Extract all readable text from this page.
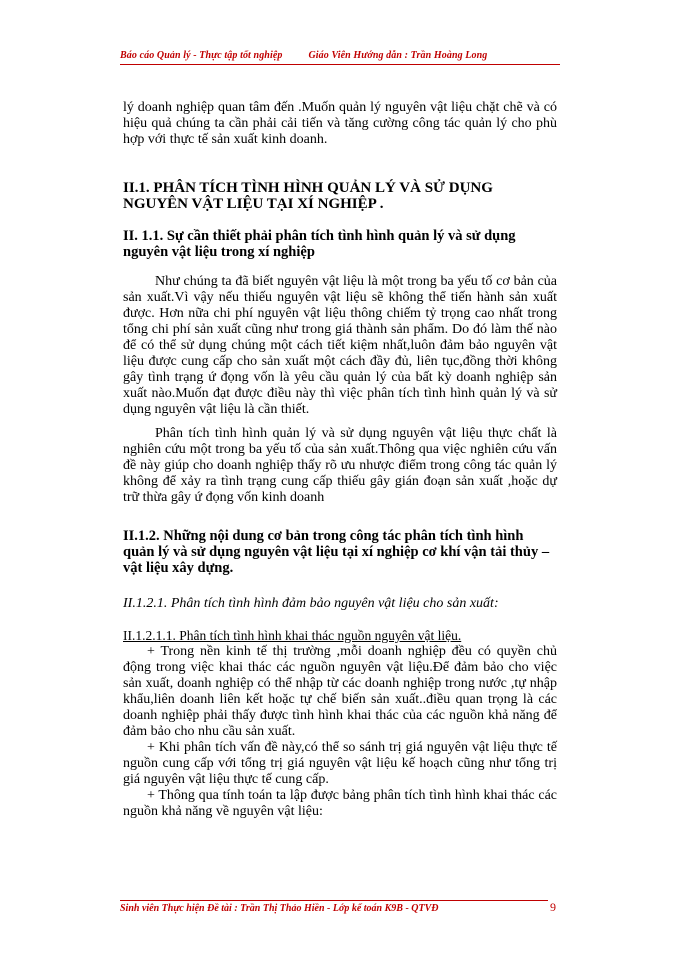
Báo cáo Quản lý - Thực tập tốt nghiệp	Giáo Viên Hướng dẫn : Trần Hoàng Long

lý doanh nghiệp quan tâm đến .Muốn quản lý nguyên vật liệu chặt chẽ và có hiệu quả chúng ta cần phải cải tiến và tăng cường công tác quản lý cho phù hợp với thực tế sản xuất kinh doanh.

II.1. PHÂN TÍCH TÌNH HÌNH QUẢN LÝ VÀ SỬ DỤNG NGUYÊN VẬT LIỆU TẠI XÍ NGHIỆP .
II. 1.1. Sự cần thiết phải phân tích tình hình quản lý và sử dụng nguyên vật liệu trong xí nghiệp

Như chúng ta đã biết nguyên vật liệu là một trong ba yếu tố cơ bản của sản xuất.Vì vậy nếu thiếu nguyên vật liệu sẽ không thể tiến hành sản xuất được. Hơn nữa chi phí nguyên vật liệu thông chiếm tỷ trọng cao nhất trong tổng chi phí sản xuất cũng như trong giá thành sản phẩm. Do đó làm thế nào để có thể sử dụng chúng một cách tiết kiệm nhất,luôn đảm bảo nguyên vật liệu được cung cấp cho sản xuất một cách đầy đủ, liên tục,đồng thời không gây tình trạng ứ đọng vốn là yêu cầu quản lý của bất kỳ doanh nghiệp sản xuất nào.Muốn đạt được điều này thì việc phân tích tình hình quản lý và sử dụng nguyên vật liệu là cần thiết.

Phân tích tình hình quản lý và sử dụng nguyên vật liệu thực chất là nghiên cứu một trong ba yếu tố của sản xuất.Thông qua việc nghiên cứu vấn đề này giúp cho doanh nghiệp thấy rõ ưu nhược điểm trong công tác quản lý không để xảy ra tình trạng cung cấp thiếu gây gián đoạn sản xuất ,hoặc dự trữ thừa gây ứ đọng vốn kinh doanh

II.1.2. Những nội dung cơ bản trong công tác phân tích tình hình quản lý và sử dụng nguyên vật liệu tại xí nghiệp cơ khí vận tải thủy –vật liệu xây dựng.
II.1.2.1. Phân tích tình hình đảm bảo nguyên vật liệu cho sản xuất:
II.1.2.1.1. Phân tích tình hình khai thác nguồn nguyên vật liệu.

+ Trong nền kinh tế thị trường ,mỗi doanh nghiệp đều có quyền chủ động trong việc khai thác các nguồn nguyên vật liệu.Để đảm bảo cho việc sản xuất, doanh nghiệp có thể nhập từ các doanh nghiệp trong nước ,tự nhập khẩu,liên doanh liên kết hoặc tự chế biến sản xuất..điều quan trọng là các doanh nghiệp phải thấy được tình hình khai thác của các nguồn khả năng để đảm bảo cho nhu cầu sản xuất.

+ Khi phân tích vấn đề này,có thể so sánh trị giá nguyên vật liệu thực tế nguồn cung cấp với tổng trị giá nguyên vật liệu kế hoạch cũng như tổng trị giá nguyên vật liệu thực tế cung cấp.

+ Thông qua tính toán ta lập được bảng phân tích tình hình khai thác các nguồn khả năng về nguyên vật liệu:

Sinh viên Thực hiện Đề tài : Trần Thị Thảo Hiền - Lớp kế toán K9B - QTVĐ	9
